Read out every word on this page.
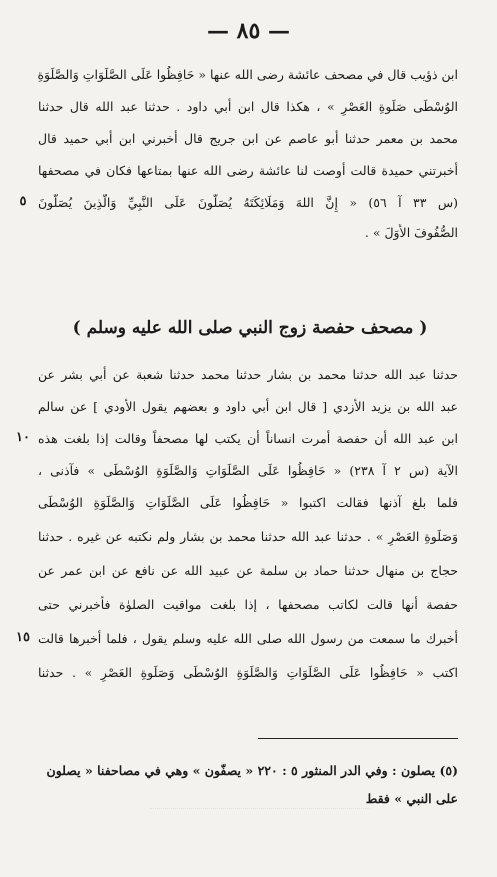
— ٨٥ —
ابن ذؤيب قال في مصحف عائشة رضى الله عنها « حَافِظُوا عَلَى الصَّلَوَاتِ وَالصَّلَوَةِ
الوُسْطَى صَلَوةِ العَصْرِ » ، هكذا قال ابن أبي داود . حدثنا عبد الله قال حدثنا
محمد بن معمر حدثنا أبو عاصم عن ابن جريج قال أخبرني ابن أبي حميد قال
أخبرتني حميدة قالت أوصت لنا عائشة رضى الله عنها بمتاعها فكان في مصحفها
٥ (س ٣٣ آ ٥٦) « إِنَّ اللهَ وَمَلَائِكَتَهُ يُصَلُّونَ عَلَى النَّبِيِّ وَالَّذِينَ يُصَلُّونَ
الصُّفُوفَ الأُوَلَ » .
( مصحف حفصة زوج النبي صلى الله عليه وسلم )
حدثنا عبد الله حدثنا محمد بن بشار حدثنا محمد حدثنا شعبة عن أبي بشر عن
عبد الله بن يزيد الأزدي [ قال ابن أبي داود و بعضهم يقول الأودي ] عن سالم
١٠ ابن عبد الله أن حفصة أمرت انساناً أن يكتب لها مصحفاً وقالت إذا بلغت هذه
الآية (س ٢ آ ٢٣٨) « حَافِظُوا عَلَى الصَّلَوَاتِ وَالصَّلَوَةِ الوُسْطَى » فآذنى ،
فلما بلغ آذنها فقالت اكتبوا « حَافِظُوا عَلَى الصَّلَوَاتِ وَالصَّلَوَةِ الوُسْطَى
وَصَلَوةِ العَصْرِ » . حدثنا عبد الله حدثنا محمد بن بشار ولم نكتبه عن غيره . حدثنا
حجاج بن منهال حدثنا حماد بن سلمة عن عبيد الله عن نافع عن ابن عمر عن
حفصة أنها قالت لكاتب مصحفها ، إذا بلغت مواقيت الصلوٰة فأخبرني حتى
١٥ أخبرك ما سمعت من رسول الله صلى الله عليه وسلم يقول ، فلما أخبرها قالت
اكتب « حَافِظُوا عَلَى الصَّلَوَاتِ وَالصَّلَوَةِ الوُسْطَى وَصَلَوةِ العَصْرِ » . حدثنا
(٥) يصلون : وفي الدر المنثور ٥ : ٢٢٠ « يصفّون » وهي في مصاحفنا « يصلون
على النبي » فقط
